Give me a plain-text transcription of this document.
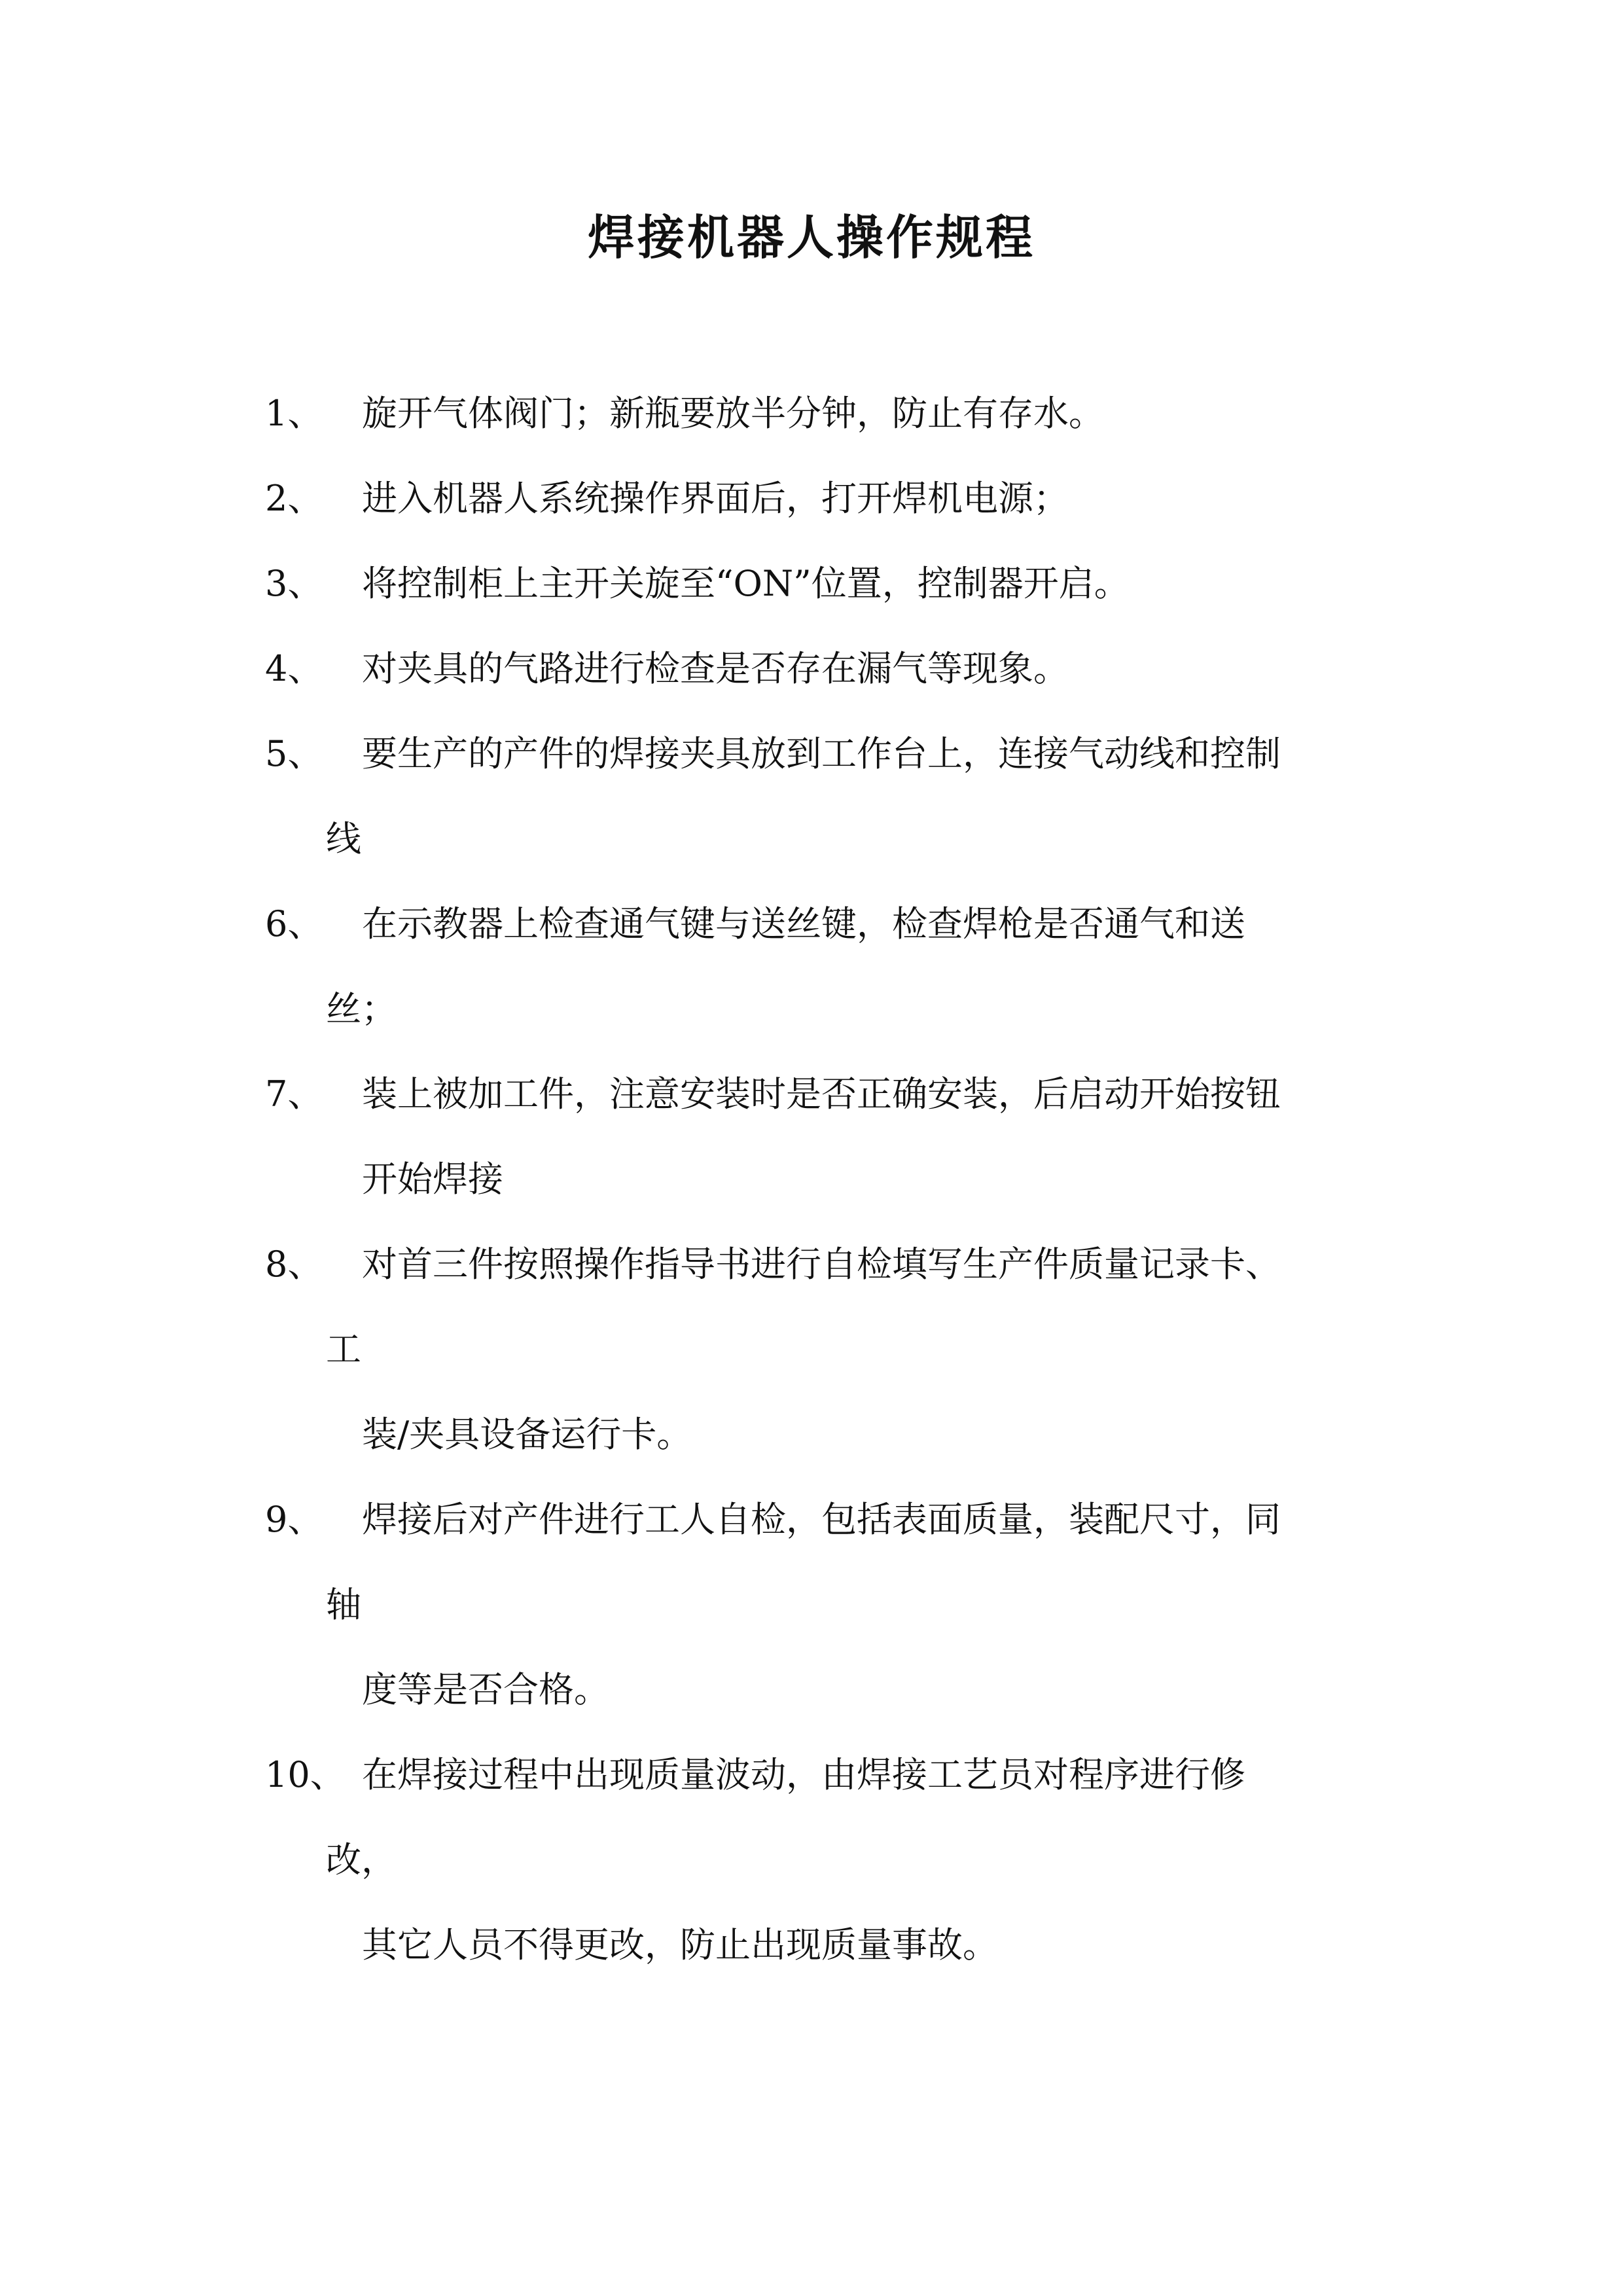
焊接机器人操作规程
1、 旋开气体阀门；新瓶要放半分钟，防止有存水。
2、 进入机器人系统操作界面后，打开焊机电源；
3、 将控制柜上主开关旋至“ON”位置，控制器开启。
4、 对夹具的气路进行检查是否存在漏气等现象。
5、 要生产的产件的焊接夹具放到工作台上，连接气动线和控制
线
6、 在示教器上检查通气键与送丝键，检查焊枪是否通气和送
丝；
7、 装上被加工件，注意安装时是否正确安装，后启动开始按钮
开始焊接
8、 对首三件按照操作指导书进行自检填写生产件质量记录卡、
工
装/夹具设备运行卡。
9、 焊接后对产件进行工人自检，包括表面质量，装配尺寸，同
轴
度等是否合格。
10、 在焊接过程中出现质量波动，由焊接工艺员对程序进行修
改，
其它人员不得更改，防止出现质量事故。
